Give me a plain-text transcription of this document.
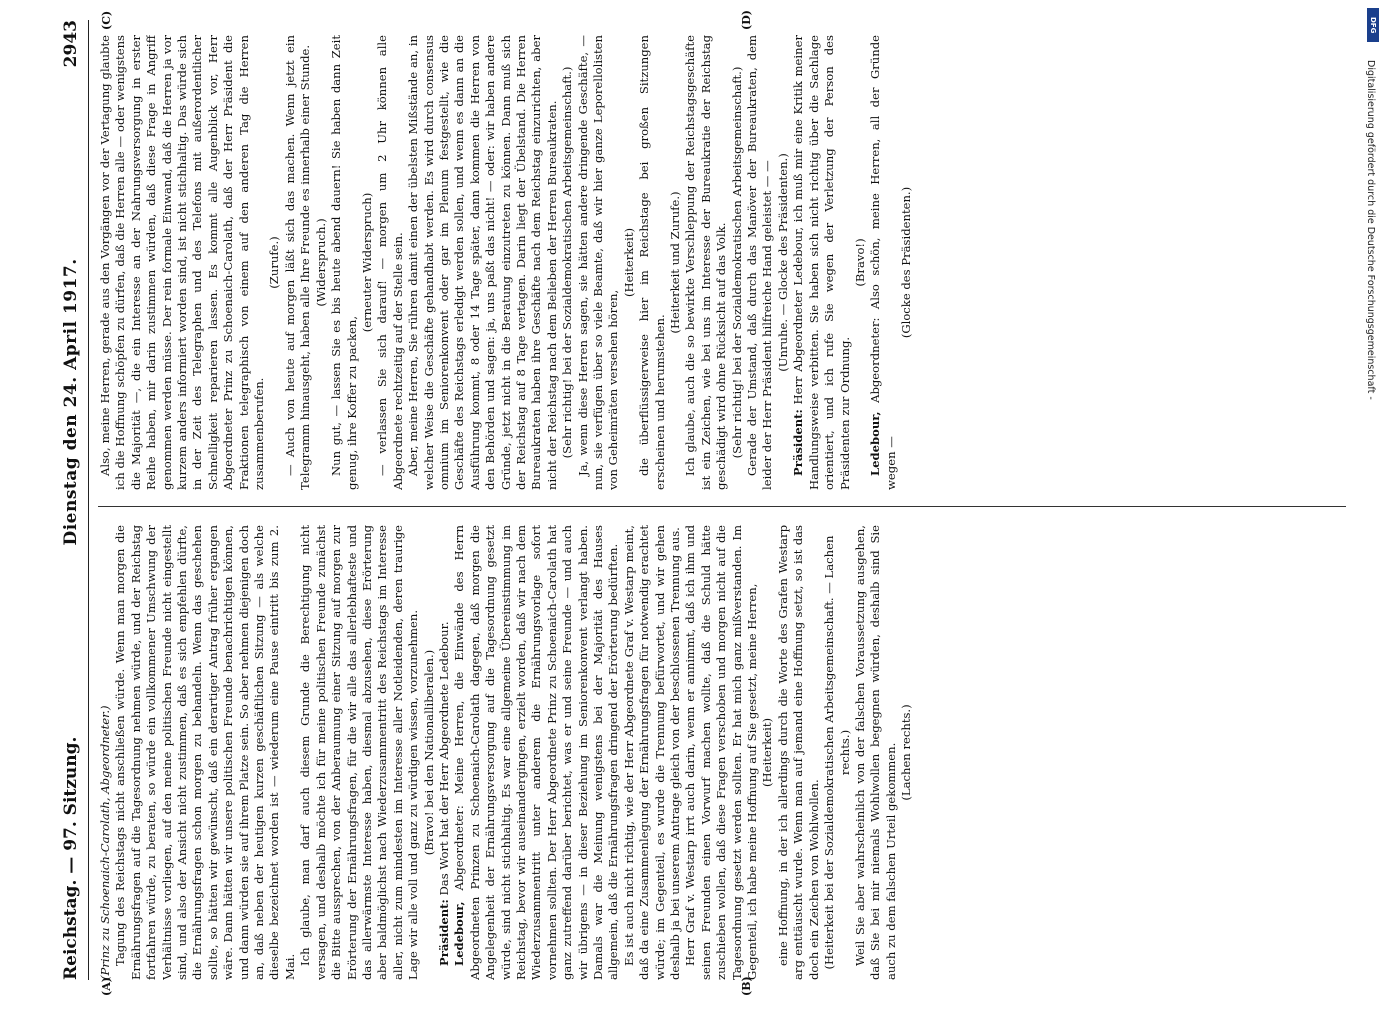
Reichstag. — 97. Sitzung.
Dienstag den 24. April 1917.
2943
(A)	(B)
(C)	(D)

(Prinz zu Schoenaich-Carolath, Abgeordneter.) Tagung des Reichstags nicht anschließen würde. Wenn man morgen die Ernährungsfragen auf die Tagesordnung nehmen würde, und der Reichstag fortfahren würde, zu beraten, so würde ein vollkommener Umschwung der Verhältnisse vorliegen, auf den meine politischen Freunde nicht eingestellt sind, und also der Ansicht nicht zustimmen, daß es sich empfehlen dürfte, die Ernährungsfragen schon morgen zu behandeln. Wenn das geschehen sollte, so hätten wir gewünscht, daß ein derartiger Antrag früher ergangen wäre. Dann hätten wir unsere politischen Freunde benachrichtigen können, und dann würden sie auf ihrem Platze sein. So aber nehmen diejenigen doch an, daß neben der heutigen kurzen geschäftlichen Sitzung — als welche dieselbe bezeichnet worden ist — wiederum eine Pause eintritt bis zum 2. Mai.

Ich glaube, man darf auch diesem Grunde die Berechtigung nicht versagen, und deshalb möchte ich für meine politischen Freunde zunächst die Bitte aussprechen, von der Anberaumung einer Sitzung auf morgen zur Erörterung der Ernährungsfragen, für die wir alle das allerlebhafteste und das allerwärmste Interesse haben, diesmal abzusehen, diese Erörterung aber baldmöglichst nach Wiederzusammentritt des Reichstags im Interesse aller, nicht zum mindesten im Interesse aller Notleidenden, deren traurige Lage wir alle voll und ganz zu würdigen wissen, vorzunehmen. (Bravo! bei den Nationalliberalen.)

Präsident: Das Wort hat der Herr Abgeordnete Ledebour.

Ledebour, Abgeordneter: Meine Herren, die Einwände des Herrn Abgeordneten Prinzen zu Schoenaich-Carolath dagegen, daß morgen die Angelegenheit der Ernährungsversorgung auf die Tagesordnung gesetzt würde, sind nicht stichhaltig. Es war eine allgemeine Übereinstimmung im Reichstag, bevor wir auseinandergingen, erzielt worden, daß wir nach dem Wiederzusammentritt unter anderem die Ernährungsvorlage sofort vornehmen sollten. Der Herr Abgeordnete Prinz zu Schoenaich-Carolath hat ganz zutreffend darüber berichtet, was er und seine Freunde — und auch wir übrigens — in dieser Beziehung im Seniorenkonvent verlangt haben. Damals war die Meinung wenigstens bei der Majorität des Hauses allgemein, daß die Ernährungsfragen dringend der Erörterung bedürften. Es ist auch nicht richtig, wie der Herr Abgeordnete Graf v. Westarp meint, daß da eine Zusammenlegung der Ernährungsfragen für notwendig erachtet würde; im Gegenteil, es wurde die Trennung befürwortet, und wir gehen deshalb ja bei unserem Antrage gleich von der beschlossenen Trennung aus. Herr Graf v. Westarp irrt auch darin, wenn er annimmt, daß ich ihm und seinen Freunden einen Vorwurf machen wollte, daß die Schuld hätte zuschieben wollen, daß diese Fragen verschoben und morgen nicht auf die Tagesordnung gesetzt werden sollten. Er hat mich ganz mißverstanden. Im Gegenteil, ich habe meine Hoffnung auf Sie gesetzt, meine Herren, (Heiterkeit) eine Hoffnung, in der ich allerdings durch die Worte des Grafen Westarp arg enttäuscht wurde. Wenn man auf jemand eine Hoffnung setzt, so ist das doch ein Zeichen von Wohlwollen. (Heiterkeit bei der Sozialdemokratischen Arbeitsgemeinschaft. — Lachen rechts.) Weil Sie aber wahrscheinlich von der falschen Voraussetzung ausgehen, daß Sie bei mir niemals Wohlwollen begegnen würden, deshalb sind Sie auch zu dem falschen Urteil gekommen. (Lachen rechts.)

Also, meine Herren, gerade aus den Vorgängen vor der Vertagung glaubte ich die Hoffnung schöpfen zu dürfen, daß die Herren alle — oder wenigstens die Majorität —, die ein Interesse an der Nahrungsversorgung in erster Reihe haben, mir darin zustimmen würden, daß diese Frage in Angriff genommen werden müsse. Der rein formale Einwand, daß die Herren ja vor kurzem anders informiert worden sind, ist nicht stichhaltig. Das würde sich in der Zeit des Telegraphen und des Telefons mit außerordentlicher Schnelligkeit reparieren lassen. Es kommt alle Augenblick vor, Herr Abgeordneter Prinz zu Schoenaich-Carolath, daß der Herr Präsident die Fraktionen telegraphisch von einem auf den anderen Tag die Herren zusammenberufen.

(Zurufe.) — Auch von heute auf morgen läßt sich das machen. Wenn jetzt ein Telegramm hinausgeht, haben alle Ihre Freunde es innerhalb einer Stunde. (Widerspruch.) Nun gut, — lassen Sie es bis heute abend dauern! Sie haben dann Zeit genug, ihre Koffer zu packen,

(erneuter Widerspruch) — verlassen Sie sich darauf! — morgen um 2 Uhr können alle Abgeordnete rechtzeitig auf der Stelle sein. Aber, meine Herren, Sie rühren damit einen der übelsten Mißstände an, in welcher Weise die Geschäfte gehandhabt werden. Es wird durch consensus omnium im Seniorenkonvent oder gar im Plenum festgestellt, wie die Geschäfte des Reichstags erledigt werden sollen, und wenn es dann an die Ausführung kommt, 8 oder 14 Tage später, dann kommen die Herren von den Behörden und sagen: ja, uns paßt das nicht! — oder: wir haben andere Gründe, jetzt nicht in die Beratung einzutreten zu können. Dann muß sich der Reichstag auf 8 Tage vertagen. Darin liegt der Übelstand. Die Herren Bureaukraten haben ihre Geschäfte nach dem Reichstag einzurichten, aber nicht der Reichstag nach dem Belieben der Herren Bureaukraten. (Sehr richtig! bei der Sozialdemokratischen Arbeitsgemeinschaft.) Ja, wenn diese Herren sagen, sie hätten andere dringende Geschäfte, — nun, sie verfügen über so viele Beamte, daß wir hier ganze Leporellolisten von Geheimräten versehen hören,

(Heiterkeit) die überflüssigerweise hier im Reichstage bei großen Sitzungen erscheinen und herumstehen.

(Heiterkeit und Zurufe.) Ich glaube, auch die so bewirkte Verschleppung der Reichstagsgeschäfte ist ein Zeichen, wie bei uns im Interesse der Bureaukratie der Reichstag geschädigt wird ohne Rücksicht auf das Volk. (Sehr richtig! bei der Sozialdemokratischen Arbeitsgemeinschaft.) Gerade der Umstand, daß durch das Manöver der Bureaukraten, dem leider der Herr Präsident hilfreiche Hand geleistet — — (Unruhe. — Glocke des Präsidenten.)

Präsident: Herr Abgeordneter Ledebour, ich muß mir eine Kritik meiner Handlungsweise verbitten. Sie haben sich nicht richtig über die Sachlage orientiert, und ich rufe Sie wegen der Verletzung der Person des Präsidenten zur Ordnung.

(Bravo!)

Ledebour, Abgeordneter: Also schön, meine Herren, all der Gründe wegen —

(Glocke des Präsidenten.)

DFG
Digitalisierung gefördert durch die Deutsche Forschungsgemeinschaft -
